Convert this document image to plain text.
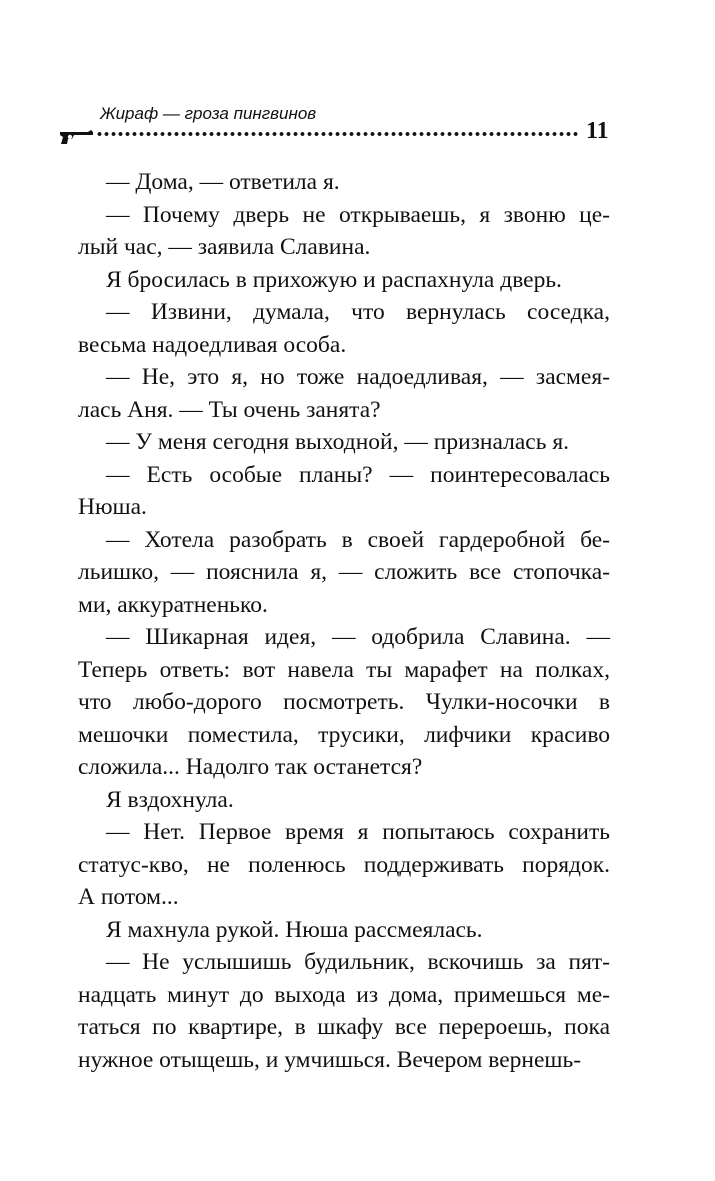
Жираф — гроза пингвинов
11
— Дома, — ответила я.
— Почему дверь не открываешь, я звоню це-
лый час, — заявила Славина.
Я бросилась в прихожую и распахнула дверь.
— Извини, думала, что вернулась соседка,
весьма надоедливая особа.
— Не, это я, но тоже надоедливая, — засмея-
лась Аня. — Ты очень занята?
— У меня сегодня выходной, — призналась я.
— Есть особые планы? — поинтересовалась
Нюша.
— Хотела разобрать в своей гардеробной бе-
льишко, — пояснила я, — сложить все стопочка-
ми, аккуратненько.
— Шикарная идея, — одобрила Славина. —
Теперь ответь: вот навела ты марафет на полках,
что любо-дорого посмотреть. Чулки-носочки в
мешочки поместила, трусики, лифчики красиво
сложила... Надолго так останется?
Я вздохнула.
— Нет. Первое время я попытаюсь сохранить
статус-кво, не поленюсь поддерживать порядок.
А потом...
Я махнула рукой. Нюша рассмеялась.
— Не услышишь будильник, вскочишь за пят-
надцать минут до выхода из дома, примешься ме-
таться по квартире, в шкафу все перероешь, пока
нужное отыщешь, и умчишься. Вечером вернешь-
